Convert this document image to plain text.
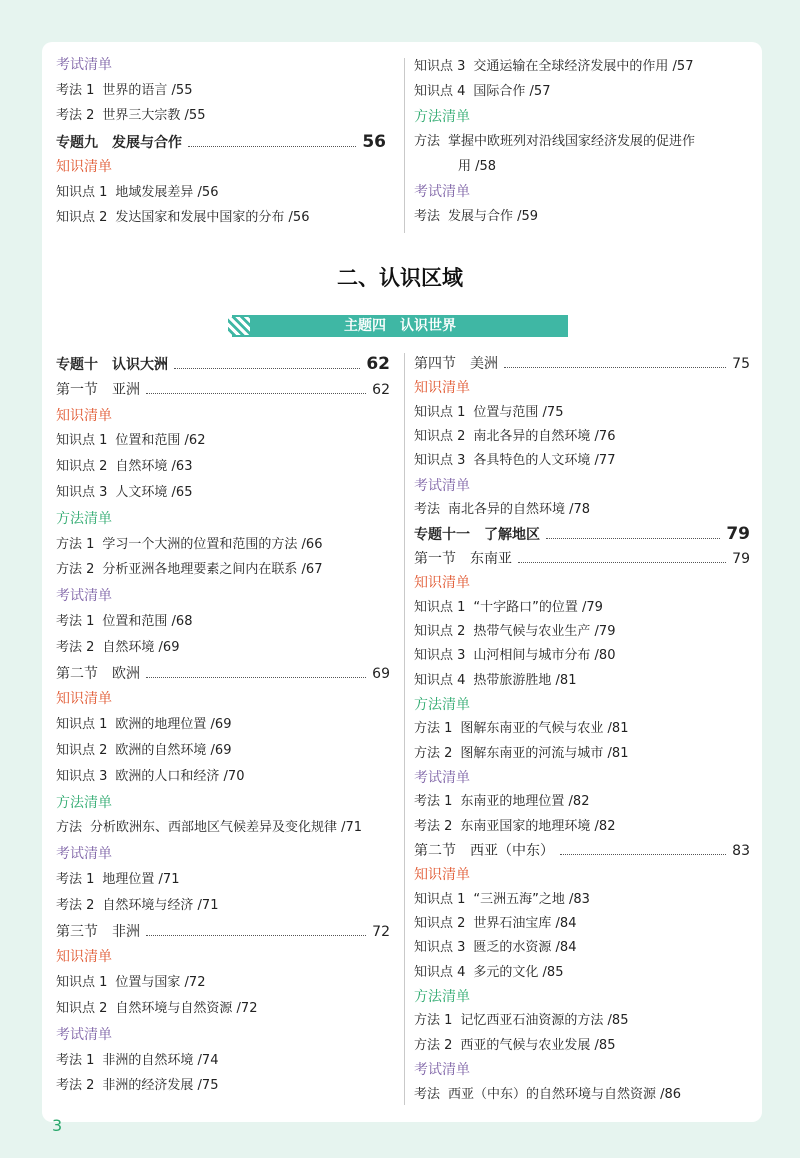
考试清单
考法 1 世界的语言 /55
考法 2 世界三大宗教 /55
专题九　发展与合作	56
知识清单
知识点 1 地域发展差异 /56
知识点 2 发达国家和发展中国家的分布 /56
知识点 3 交通运输在全球经济发展中的作用 /57
知识点 4 国际合作 /57
方法清单
方法 掌握中欧班列对沿线国家经济发展的促进作
用 /58
考试清单
考法 发展与合作 /59
二、认识区域
主题四　认识世界
专题十　认识大洲	62
第一节　亚洲	62
知识清单
知识点 1 位置和范围 /62
知识点 2 自然环境 /63
知识点 3 人文环境 /65
方法清单
方法 1 学习一个大洲的位置和范围的方法 /66
方法 2 分析亚洲各地理要素之间内在联系 /67
考试清单
考法 1 位置和范围 /68
考法 2 自然环境 /69
第二节　欧洲	69
知识清单
知识点 1 欧洲的地理位置 /69
知识点 2 欧洲的自然环境 /69
知识点 3 欧洲的人口和经济 /70
方法清单
方法 分析欧洲东、西部地区气候差异及变化规律 /71
考试清单
考法 1 地理位置 /71
考法 2 自然环境与经济 /71
第三节　非洲	72
知识清单
知识点 1 位置与国家 /72
知识点 2 自然环境与自然资源 /72
考试清单
考法 1 非洲的自然环境 /74
考法 2 非洲的经济发展 /75
第四节　美洲	75
知识清单
知识点 1 位置与范围 /75
知识点 2 南北各异的自然环境 /76
知识点 3 各具特色的人文环境 /77
考试清单
考法 南北各异的自然环境 /78
专题十一　了解地区	79
第一节　东南亚	79
知识清单
知识点 1 “十字路口”的位置 /79
知识点 2 热带气候与农业生产 /79
知识点 3 山河相间与城市分布 /80
知识点 4 热带旅游胜地 /81
方法清单
方法 1 图解东南亚的气候与农业 /81
方法 2 图解东南亚的河流与城市 /81
考试清单
考法 1 东南亚的地理位置 /82
考法 2 东南亚国家的地理环境 /82
第二节　西亚（中东）	83
知识清单
知识点 1 “三洲五海”之地 /83
知识点 2 世界石油宝库 /84
知识点 3 匮乏的水资源 /84
知识点 4 多元的文化 /85
方法清单
方法 1 记忆西亚石油资源的方法 /85
方法 2 西亚的气候与农业发展 /85
考试清单
考法 西亚（中东）的自然环境与自然资源 /86
3
